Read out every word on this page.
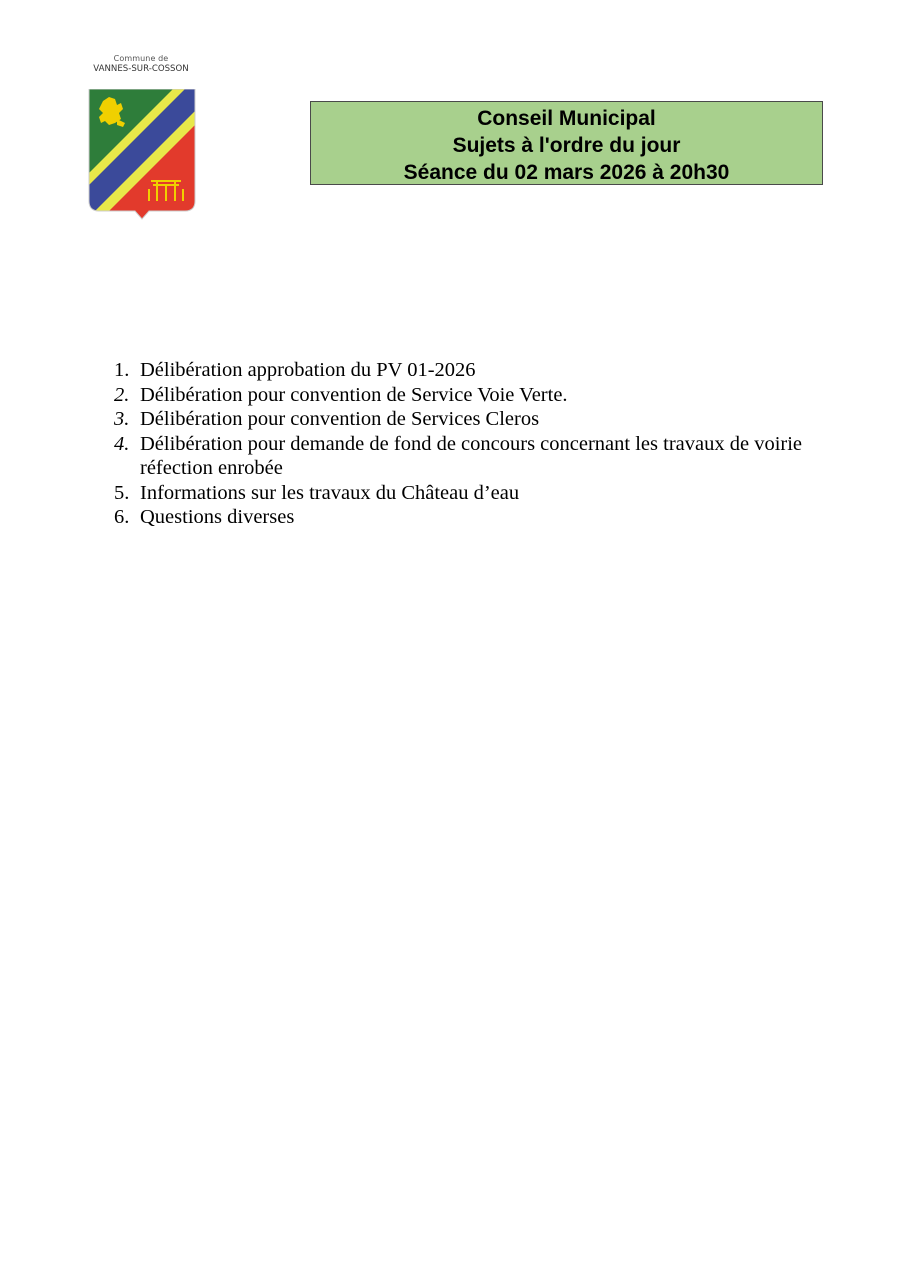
Commune de
VANNES-SUR-COSSON
Conseil Municipal
Sujets à l'ordre du jour
Séance du 02 mars 2026 à 20h30
1. Délibération approbation du PV 01-2026
2. Délibération pour convention de Service Voie Verte.
3. Délibération pour convention de Services Cleros
4. Délibération pour demande de fond de concours concernant les travaux de voirie réfection enrobée
5. Informations sur les travaux du Château d’eau
6. Questions diverses
